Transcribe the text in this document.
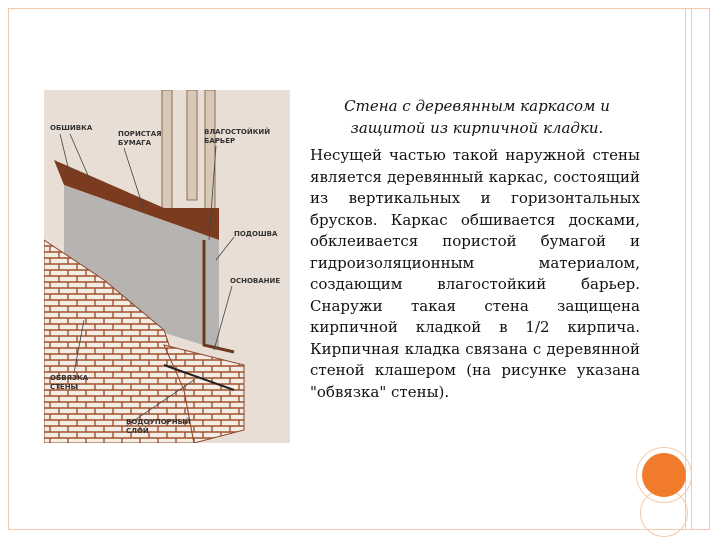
ОБШИВКА
ПОРИСТАЯ
БУМАГА
ВЛАГОСТОЙКИЙ
БАРЬЕР
ПОДОШВА
ОСНОВАНИЕ
ОБВЯЗКА
СТЕНЫ
ВОДОУПОРНЫЙ
СЛОЙ
Стена с деревянным каркасом и защитой из кирпичной кладки.
Несущей частью такой наружной стены является деревянный каркас, состоящий из вертикальных и горизонтальных брусков. Каркас обшивается досками, обклеивается пористой бумагой и гидроизоляционным материалом, создающим влагостойкий барьер. Снаружи такая стена защищена кирпичной кладкой в 1/2 кирпича. Кирпичная кладка связана с деревянной стеной клашером (на рисунке указана "обвязка" стены).
